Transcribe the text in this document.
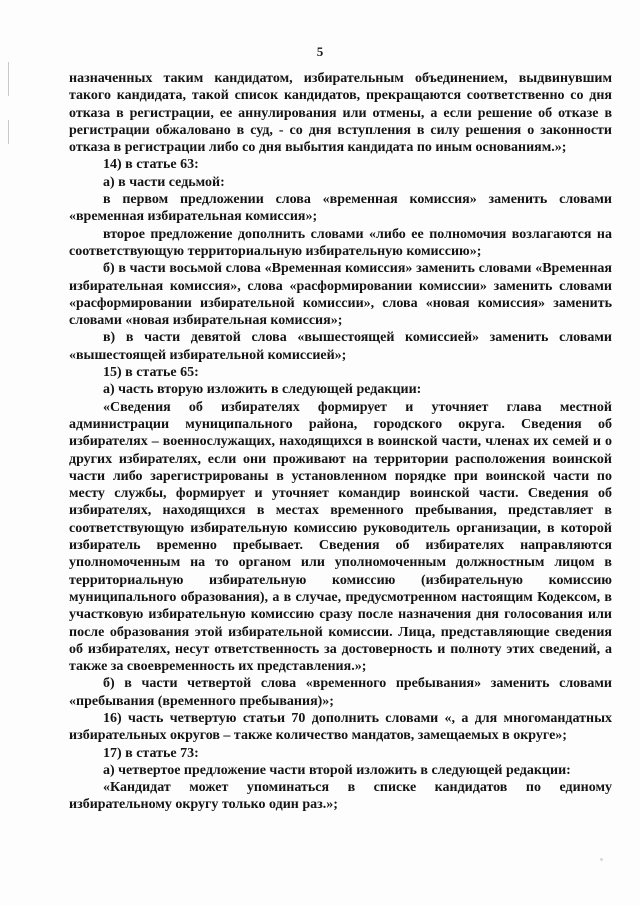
5

назначенных таким кандидатом, избирательным объединением, выдвинувшим такого кандидата, такой список кандидатов, прекращаются соответственно со дня отказа в регистрации, ее аннулирования или отмены, а если решение об отказе в регистрации обжаловано в суд, - со дня вступления в силу решения о законности отказа в регистрации либо со дня выбытия кандидата по иным основаниям.»;

14) в статье 63:

а) в части седьмой:

в первом предложении слова «временная комиссия» заменить словами «временная избирательная комиссия»;

второе предложение дополнить словами «либо ее полномочия возлагаются на соответствующую территориальную избирательную комиссию»;

б) в части восьмой слова «Временная комиссия» заменить словами «Временная избирательная комиссия», слова «расформировании комиссии» заменить словами «расформировании избирательной комиссии», слова «новая комиссия» заменить словами «новая избирательная комиссия»;

в) в части девятой слова «вышестоящей комиссией» заменить словами «вышестоящей избирательной комиссией»;

15) в статье 65:

а) часть вторую изложить в следующей редакции:

«Сведения об избирателях формирует и уточняет глава местной администрации муниципального района, городского округа. Сведения об избирателях – военнослужащих, находящихся в воинской части, членах их семей и о других избирателях, если они проживают на территории расположения воинской части либо зарегистрированы в установленном порядке при воинской части по месту службы, формирует и уточняет командир воинской части. Сведения об избирателях, находящихся в местах временного пребывания, представляет в соответствующую избирательную комиссию руководитель организации, в которой избиратель временно пребывает. Сведения об избирателях направляются уполномоченным на то органом или уполномоченным должностным лицом в территориальную избирательную комиссию (избирательную комиссию муниципального образования), а в случае, предусмотренном настоящим Кодексом, в участковую избирательную комиссию сразу после назначения дня голосования или после образования этой избирательной комиссии. Лица, представляющие сведения об избирателях, несут ответственность за достоверность и полноту этих сведений, а также за своевременность их представления.»;

б) в части четвертой слова «временного пребывания» заменить словами «пребывания (временного пребывания)»;

16) часть четвертую статьи 70 дополнить словами «, а для многомандатных избирательных округов – также количество мандатов, замещаемых в округе»;

17) в статье 73:

а) четвертое предложение части второй изложить в следующей редакции:

«Кандидат может упоминаться в списке кандидатов по единому избирательному округу только один раз.»;
